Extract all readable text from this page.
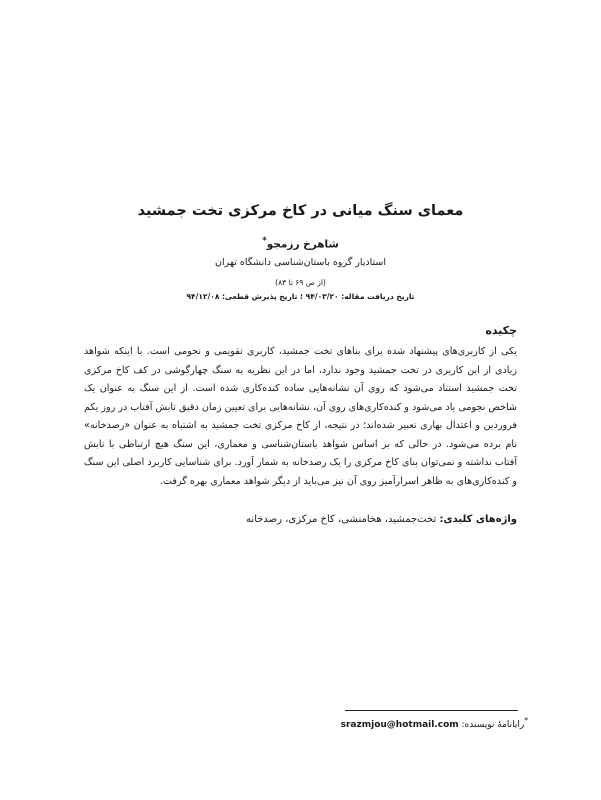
معمای سنگ میانی در کاخ مرکزی تخت جمشید
شاهرخ رزمجو*
استادیار گروه باستان‌شناسی دانشگاه تهران
(از ص ۶۹ تا ۸۳)
تاریخ دریافت مقاله: ۹۴/۰۳/۲۰ ؛ تاریخ پذیرش قطعی: ۹۴/۱۲/۰۸
چکیده
یکی از کاربری‌های پیشنهاد شده برای بناهای تخت جمشید، کاربری تقویمی و نجومی است. با اینکه شواهد زیادی از این کاربری در تخت جمشید وجود ندارد، اما در این نظریه به سنگ چهارگوشی در کف کاخ مرکزی تخت جمشید استناد می‌شود که روی آن نشانه‌هایی ساده کنده‌کاری شده است. از این سنگ به عنوان یک شاخص نجومی یاد می‌شود و کنده‌کاری‌های روی آن، نشانه‌هایی برای تعیین زمان دقیق تابش آفتاب در روز یکم فروردین و اعتدال بهاری تعبیر شده‌اند؛ در نتیجه، از کاخ مرکزی تخت جمشید به اشتباه به عنوان «رصدخانه» نام برده می‌شود. در حالی که بر اساس شواهد باستان‌شناسی و معماری، این سنگ هیچ ارتباطی با تابش آفتاب نداشته و نمی‌توان بنای کاخ مرکزی را یک رصدخانه به شمار آورد. برای شناسایی کاربرد اصلی این سنگ و کنده‌کاری‌های به ظاهر اسرارآمیز روی آن نیز می‌باید از دیگر شواهد معماری بهره گرفت.
واژه‌های کلیدی: تخت‌جمشید، هخامنشی، کاخ مرکزی، رصدخانه
*رایانامهٔ نویسنده: srazmjou@hotmail.com
